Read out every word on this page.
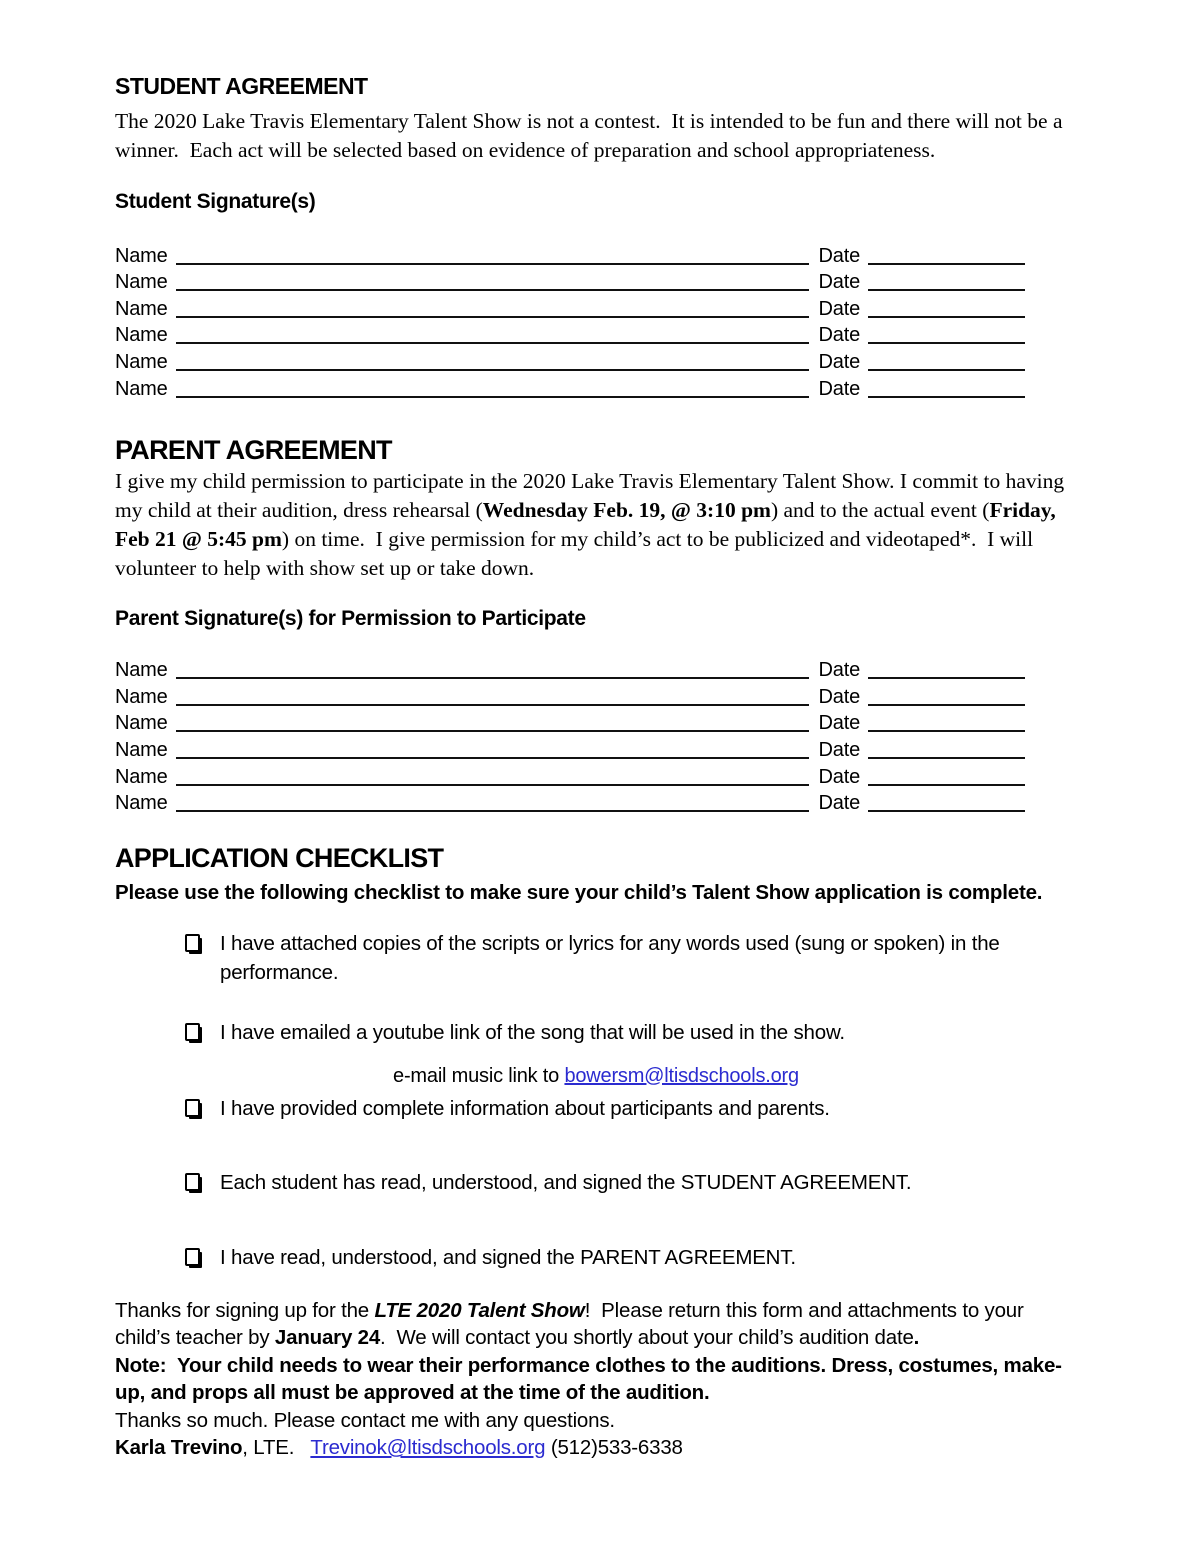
STUDENT AGREEMENT

The 2020 Lake Travis Elementary Talent Show is not a contest.  It is intended to be fun and there will not be a winner.  Each act will be selected based on evidence of preparation and school appropriateness.

Student Signature(s)
Name	Date
Name	Date
Name	Date
Name	Date
Name	Date
Name	Date
PARENT AGREEMENT

I give my child permission to participate in the 2020 Lake Travis Elementary Talent Show. I commit to having my child at their audition, dress rehearsal (Wednesday Feb. 19, @ 3:10 pm) and to the actual event (Friday, Feb 21 @ 5:45 pm) on time.  I give permission for my child’s act to be publicized and videotaped*.  I will volunteer to help with show set up or take down.

Parent Signature(s) for Permission to Participate
Name	Date
Name	Date
Name	Date
Name	Date
Name	Date
Name	Date
APPLICATION CHECKLIST
Please use the following checklist to make sure your child’s Talent Show application is complete.
I have attached copies of the scripts or lyrics for any words used (sung or spoken) in the performance.
I have emailed a youtube link of the song that will be used in the show.
e-mail music link to bowersm@ltisdschools.org
I have provided complete information about participants and parents.
Each student has read, understood, and signed the STUDENT AGREEMENT.
I have read, understood, and signed the PARENT AGREEMENT.

Thanks for signing up for the LTE 2020 Talent Show!  Please return this form and attachments to your child’s teacher by January 24.  We will contact you shortly about your child’s audition date.

Note:  Your child needs to wear their performance clothes to the auditions. Dress, costumes, make-up, and props all must be approved at the time of the audition.

Thanks so much. Please contact me with any questions.

Karla Trevino, LTE.   Trevinok@ltisdschools.org (512)533-6338
